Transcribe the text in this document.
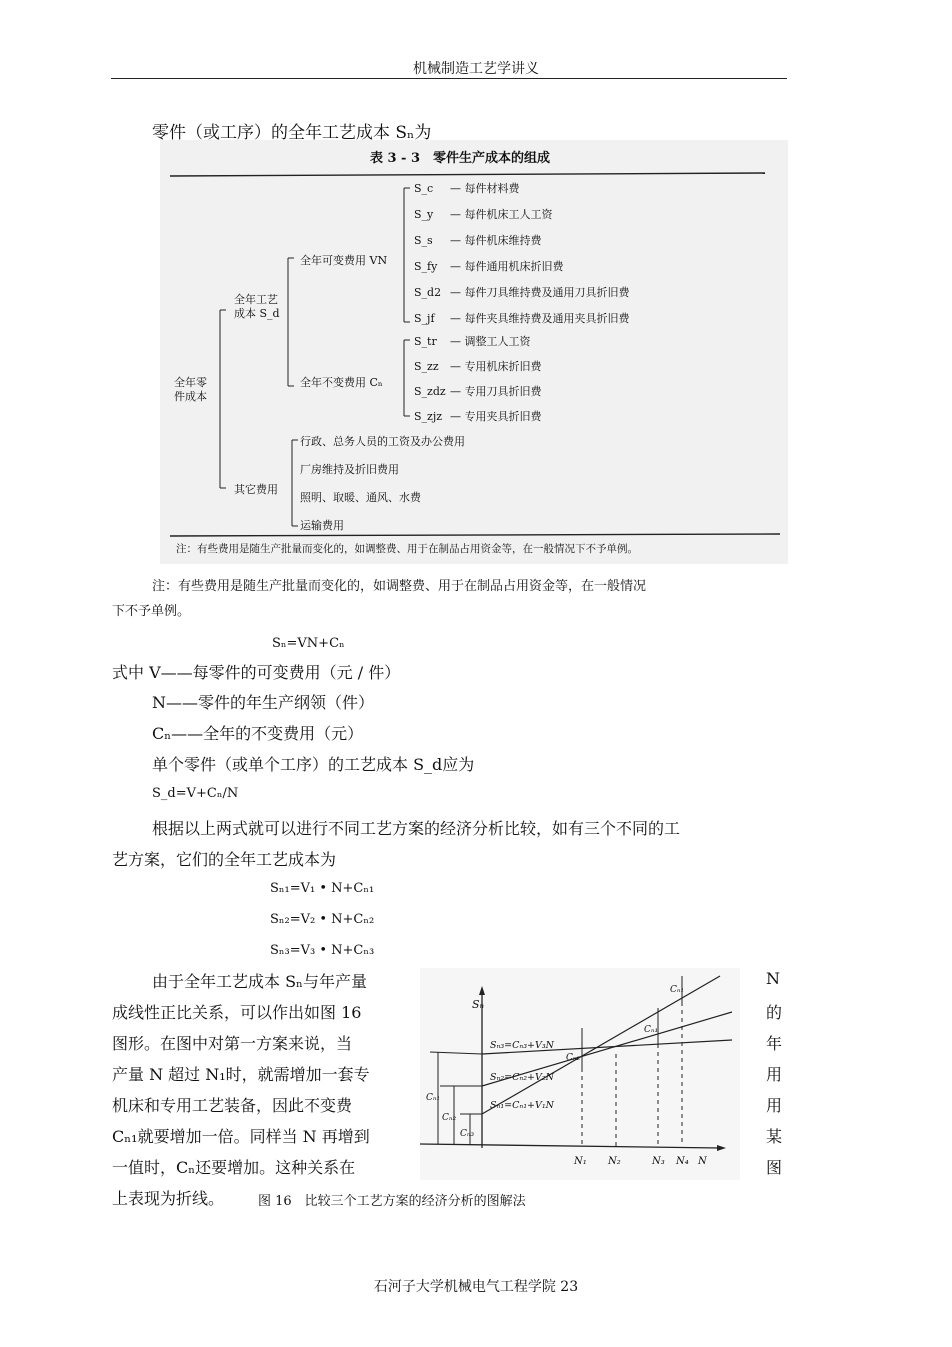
机械制造工艺学讲义
零件（或工序）的全年工艺成本 Sₙ为
表 3 - 3　零件生产成本的组成
全年零
件成本
全年工艺
成本 S_d
其它费用
全年可变费用 VN
全年不变费用 Cₙ
S_c — 每件材料费
S_y — 每件机床工人工资
S_s — 每件机床维持费
S_fy — 每件通用机床折旧费
S_d2 — 每件刀具维持费及通用刀具折旧费
S_jf — 每件夹具维持费及通用夹具折旧费
S_tr — 调整工人工资
S_zz — 专用机床折旧费
S_zdz — 专用刀具折旧费
S_zjz — 专用夹具折旧费
行政、总务人员的工资及办公费用
厂房维持及折旧费用
照明、取暖、通风、水费
运输费用
注：有些费用是随生产批量而变化的，如调整费、用于在制品占用资金等，在一般情况下不予单例。
注：有些费用是随生产批量而变化的，如调整费、用于在制品占用资金等，在一般情况
下不予单例。
Sₙ=VN+Cₙ
式中 V——每零件的可变费用（元 / 件）
N——零件的年生产纲领（件）
Cₙ——全年的不变费用（元）
单个零件（或单个工序）的工艺成本 S_d应为
S_d=V+Cₙ/N
根据以上两式就可以进行不同工艺方案的经济分析比较，如有三个不同的工
艺方案，它们的全年工艺成本为
Sₙ₁=V₁ • N+Cₙ₁
Sₙ₂=V₂ • N+Cₙ₂
Sₙ₃=V₃ • N+Cₙ₃
由于全年工艺成本 Sₙ与年产量
成线性正比关系，可以作出如图 16
图形。在图中对第一方案来说，当
产量 N 超过 N₁时，就需增加一套专
机床和专用工艺装备，因此不变费
Cₙ₁就要增加一倍。同样当 N 再增到
一值时，Cₙ还要增加。这种关系在
N
的
年
用
用
某
图
上表现为折线。	图 16　比较三个工艺方案的经济分析的图解法
Sₙ
Sₙ₃=Cₙ₃+V₃N
Sₙ₂=Cₙ₂+V₂N
Sₙ₁=Cₙ₁+V₁N
Cₙ₁
Cₙ₂
Cₙ₃
Cₙ₂
Cₙ₁
Cₙ₁
N₁ N₂	N₃ N₄ N
石河子大学机械电气工程学院 23
